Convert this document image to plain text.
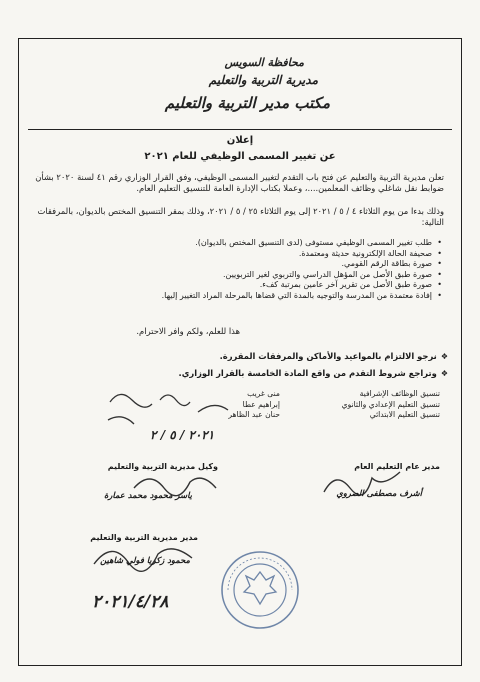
محافظة السويس
مديرية التربية والتعليم
مكتب مدير التربية والتعليم
إعلان
عن تغيير المسمى الوظيفي للعام ٢٠٢١
تعلن مديرية التربية والتعليم عن فتح باب التقدم لتغيير المسمى الوظيفي، وفق القرار الوزاري رقم ٤١ لسنة ٢٠٢٠ بشأن ضوابط نقل شاغلي وظائف المعلمين....، وعملا بكتاب الإدارة العامة للتنسيق التعليم العام.
وذلك بدءا من يوم الثلاثاء ٤ / ٥ / ٢٠٢١ إلى يوم الثلاثاء ٢٥ / ٥ / ٢٠٢١، وذلك بمقر التنسيق المختص بالديوان، بالمرفقات التالية:
• طلب تغيير المسمى الوظيفي مستوفى (لدى التنسيق المختص بالديوان).
• صحيفة الحالة الإلكترونية حديثة ومعتمدة.
• صورة بطاقة الرقم القومي.
• صورة طبق الأصل من المؤهل الدراسي والتربوي لغير التربويين.
• صورة طبق الأصل من تقرير آخر عامين بمرتبة كفء.
• إفادة معتمدة من المدرسة والتوجيه بالمدة التي قضاها بالمرحلة المراد التغيير إليها.
هذا للعلم، ولكم وافر الاحترام.
❖نرجو الالتزام بالمواعيد والأماكن والمرفقات المقررة.
❖وتراجع شروط التقدم من واقع المادة الخامسة بالقرار الوزاري.
تنسيق الوظائف الإشرافية
تنسيق التعليم الإعدادي والثانوي
تنسيق التعليم الابتدائي
منى غريب
إبراهيم عطا
حنان عبد الظاهر
٢٠٢١ / ٥ / ٢
مدير عام التعليم العام
أشرف مصطفى الصروي
وكيل مديرية التربية والتعليم
ياسر محمود محمد عمارة
مدير مديرية التربية والتعليم
محمود زكريا فولي شاهين
٢٠٢١/٤/٢٨
